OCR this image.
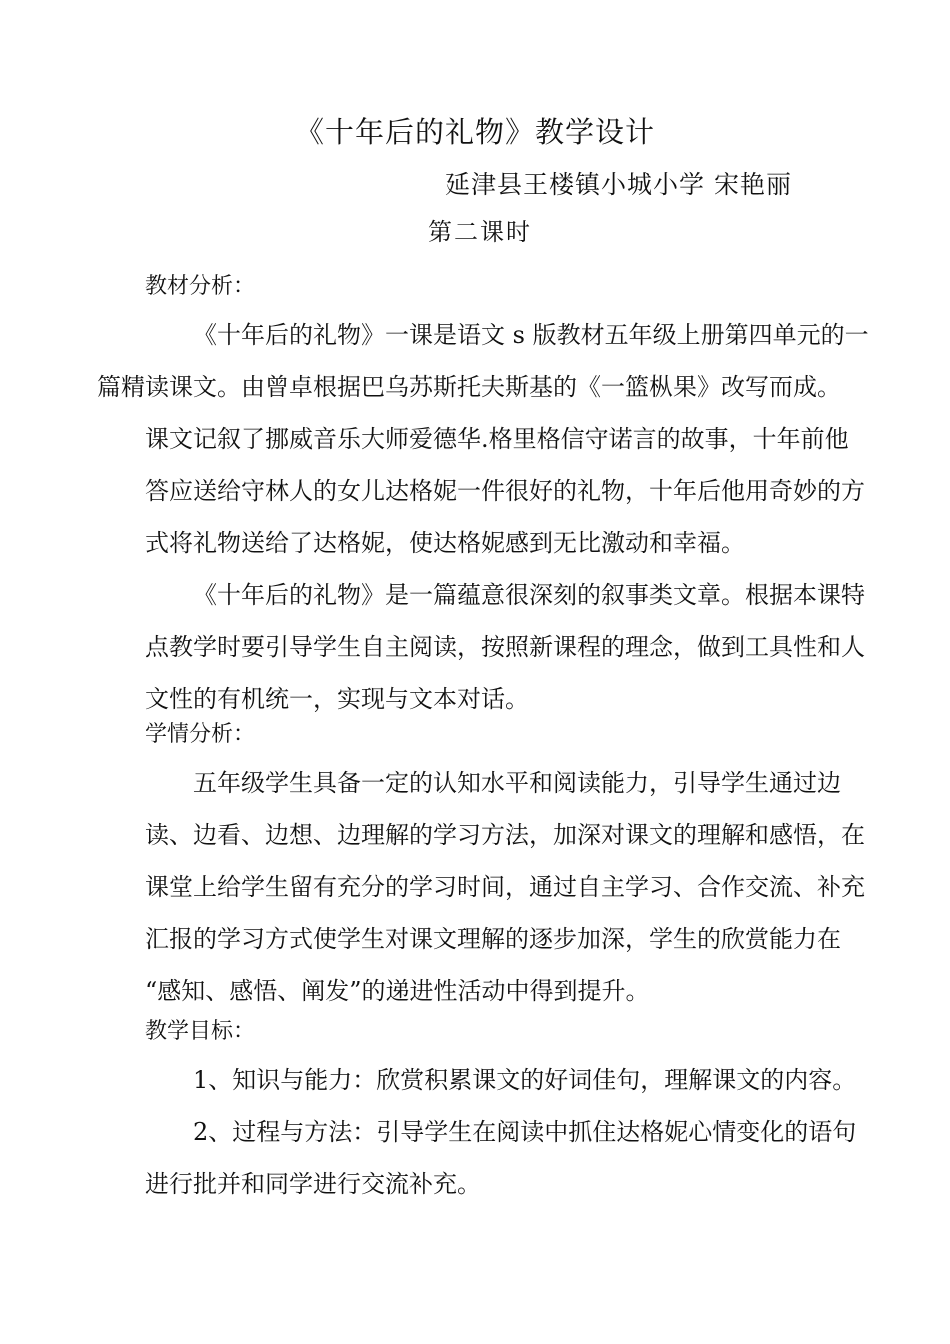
《十年后的礼物》教学设计
延津县王楼镇小城小学 宋艳丽
第二课时
教材分析：

《十年后的礼物》一课是语文 s 版教材五年级上册第四单元的一
篇精读课文。由曾卓根据巴乌苏斯托夫斯基的《一篮枞果》改写而成。
课文记叙了挪威音乐大师爱德华.格里格信守诺言的故事，十年前他
答应送给守林人的女儿达格妮一件很好的礼物，十年后他用奇妙的方
式将礼物送给了达格妮，使达格妮感到无比激动和幸福。

《十年后的礼物》是一篇蕴意很深刻的叙事类文章。根据本课特
点教学时要引导学生自主阅读，按照新课程的理念，做到工具性和人
文性的有机统一，实现与文本对话。

学情分析：

五年级学生具备一定的认知水平和阅读能力，引导学生通过边
读、边看、边想、边理解的学习方法，加深对课文的理解和感悟，在
课堂上给学生留有充分的学习时间，通过自主学习、合作交流、补充
汇报的学习方式使学生对课文理解的逐步加深，学生的欣赏能力在
“感知、感悟、阐发”的递进性活动中得到提升。

教学目标：

1、知识与能力：欣赏积累课文的好词佳句，理解课文的内容。

2、过程与方法：引导学生在阅读中抓住达格妮心情变化的语句
进行批并和同学进行交流补充。
